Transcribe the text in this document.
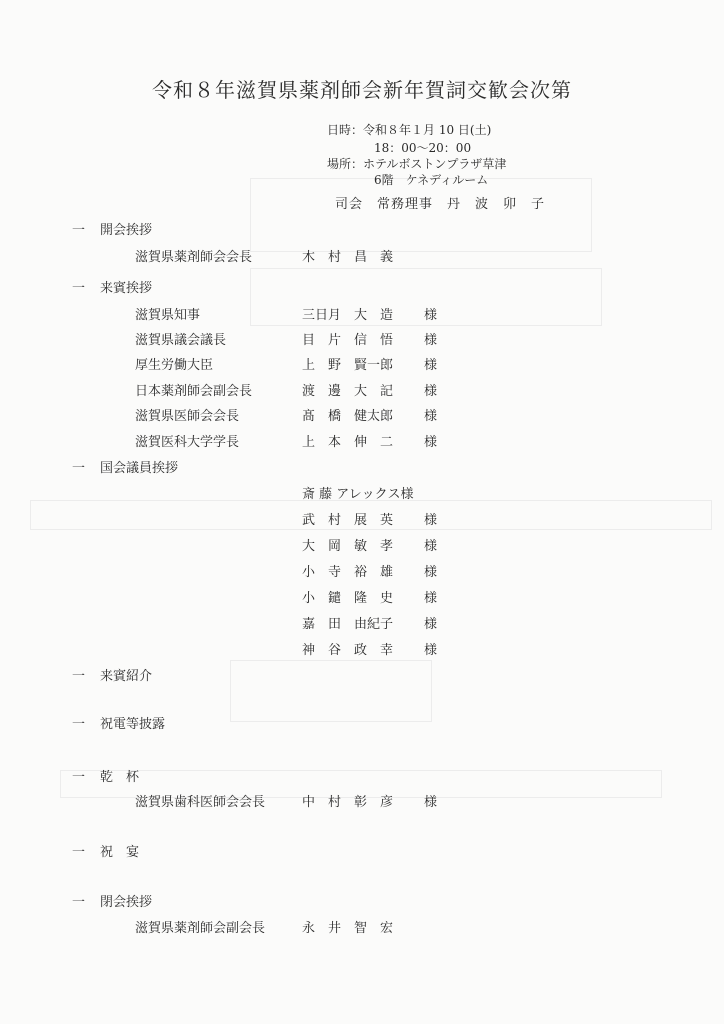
令和８年滋賀県薬剤師会新年賀詞交歓会次第
日時：令和８年１月 10 日(土)
18：00〜20：00
場所：ホテルボストンプラザ草津
6階　ケネディルーム
司会　常務理事　丹　波　卯　子
一 開会挨拶
滋賀県薬剤師会会長	木　村　昌　義
一 来賓挨拶
滋賀県知事	三日月　大　造 様
滋賀県議会議長	目　片　信　悟 様
厚生労働大臣	上　野　賢一郎 様
日本薬剤師会副会長	渡　邊　大　記 様
滋賀県医師会会長	髙　橋　健太郎 様
滋賀医科大学学長	上　本　伸　二 様
一 国会議員挨拶
斎 藤 アレックス様
武　村　展　英 様
大　岡　敏　孝 様
小　寺　裕　雄 様
小　鑓　隆　史 様
嘉　田　由紀子 様
神　谷　政　幸 様
一 来賓紹介
一 祝電等披露
一 乾　杯
滋賀県歯科医師会会長	中　村　彰　彦 様
一 祝　宴
一 閉会挨拶
滋賀県薬剤師会副会長	永　井　智　宏
